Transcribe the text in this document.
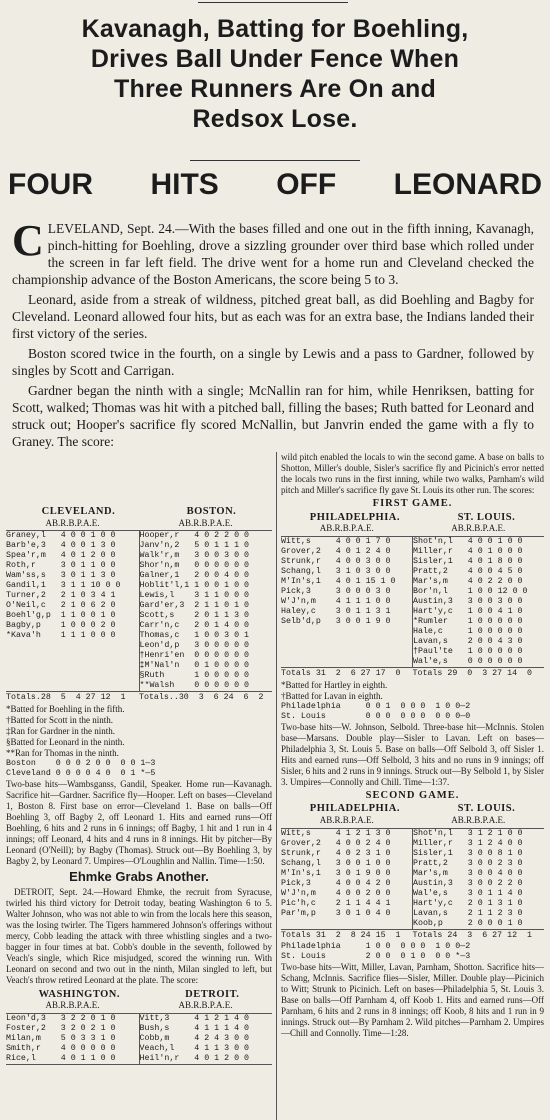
Kavanagh, Batting for Boehling,
Drives Ball Under Fence When
Three Runners Are On and
Redsox Lose.
FOUR HITS OFF LEONARD

CLEVELAND, Sept. 24.—With the bases filled and one out in the fifth inning, Kavanagh, pinch-hitting for Boehling, drove a sizzling grounder over third base which rolled under the screen in far left field. The drive went for a home run and Cleveland checked the championship advance of the Boston Americans, the score being 5 to 3.

Leonard, aside from a streak of wildness, pitched great ball, as did Boehling and Bagby for Cleveland. Leonard allowed four hits, but as each was for an extra base, the Indians landed their first victory of the series.

Boston scored twice in the fourth, on a single by Lewis and a pass to Gardner, followed by singles by Scott and Carrigan.

Gardner began the ninth with a single; McNallin ran for him, while Henriksen, batting for Scott, walked; Thomas was hit with a pitched ball, filling the bases; Ruth batted for Leonard and struck out; Hooper's sacrifice fly scored McNallin, but Janvrin ended the game with a fly to Graney. The score:

CLEVELAND.	BOSTON.
AB.R.B.P.A.E.	AB.R.B.P.A.E.
Graney,l   4 0 0 1 0 0
Barb'e,3   4 0 0 1 3 0
Spea'r,m   4 0 1 2 0 0
Roth,r     3 0 1 1 0 0
Wam'ss,s   3 0 1 1 3 0
Gandil,1   3 1 1 10 0 0
Turner,2   2 1 0 3 4 1
O'Neil,c   2 1 0 6 2 0
Boehl'g,p  1 1 0 0 1 0
Bagby,p    1 0 0 0 2 0
*Kava'h    1 1 1 0 0 0
Hooper,r   4 0 2 2 0 0
Janv'n,2   5 0 1 1 1 0
Walk'r,m   3 0 0 3 0 0
Shor'n,m   0 0 0 0 0 0
Galner,1   2 0 0 4 0 0
Hoblit'l,1 1 0 0 1 0 0
Lewis,l    3 1 1 0 0 0
Gard'er,3  2 1 1 0 1 0
Scott,s    2 0 1 1 3 0
Carr'n,c   2 0 1 4 0 0
Thomas,c   1 0 0 3 0 1
Leon'd,p   3 0 0 0 0 0
†Henri'en  0 0 0 0 0 0
‡M'Nal'n   0 1 0 0 0 0
§Ruth      1 0 0 0 0 0
**Walsh    0 0 0 0 0 0
Totals.28  5  4 27 12  1	Totals..30  3  6 24  6  2
*Batted for Boehling in the fifth.
†Batted for Scott in the ninth.
‡Ran for Gardner in the ninth.
§Batted for Leonard in the ninth.
**Ran for Thomas in the ninth.
Boston    0 0 0 2 0 0  0 0 1—3
Cleveland 0 0 0 0 4 0  0 1 *—5

Two-base hits—Wambsganss, Gandil, Speaker. Home run—Kavanagh. Sacrifice hit—Gardner. Sacrifice fly—Hooper. Left on bases—Cleveland 1, Boston 8. First base on error—Cleveland 1. Base on balls—Off Boehling 3, off Bagby 2, off Leonard 1. Hits and earned runs—Off Boehling, 6 hits and 2 runs in 6 innings; off Bagby, 1 hit and 1 run in 4 innings; off Leonard, 4 hits and 4 runs in 8 innings. Hit by pitcher—By Leonard (O'Neill); by Bagby (Thomas). Struck out—By Boehling 3, by Bagby 2, by Leonard 7. Umpires—O'Loughlin and Nallin. Time—1:50.

Ehmke Grabs Another.

DETROIT, Sept. 24.—Howard Ehmke, the recruit from Syracuse, twirled his third victory for Detroit today, beating Washington 6 to 5. Walter Johnson, who was not able to win from the locals here this season, was the losing twirler. The Tigers hammered Johnson's offerings without mercy, Cobb leading the attack with three whistling singles and a two-bagger in four times at bat. Cobb's double in the seventh, followed by Veach's single, which Rice misjudged, scored the winning run. With Leonard on second and two out in the ninth, Milan singled to left, but Veach's throw retired Leonard at the plate. The score:

WASHINGTON.	DETROIT.
AB.R.B.P.A.E.	AB.R.B.P.A.E.
Leon'd,3   3 2 2 0 1 0
Foster,2   3 2 0 2 1 0
Milan,m    5 0 3 3 1 0
Smith,r    4 0 0 0 0 0
Rice,l     4 0 1 1 0 0
Vitt,3     4 1 2 1 4 0
Bush,s     4 1 1 1 4 0
Cobb,m     4 2 4 3 0 0
Veach,l    4 1 1 3 0 0
Heil'n,r   4 0 1 2 0 0

wild pitch enabled the locals to win the second game. A base on balls to Shotton, Miller's double, Sisler's sacrifice fly and Picinich's error netted the locals two runs in the first inning, while two walks, Parnham's wild pitch and Miller's sacrifice fly gave St. Louis its other run. The scores:

FIRST GAME.
PHILADELPHIA.	ST. LOUIS.
AB.R.B.P.A.E.	AB.R.B.P.A.E.
Witt,s     4 0 0 1 7 0
Grover,2   4 0 1 2 4 0
Strunk,r   4 0 0 3 0 0
Schang,l   3 1 0 3 0 0
M'In's,1   4 0 1 15 1 0
Pick,3     3 0 0 0 3 0
W'J'n,m    4 1 1 1 0 0
Haley,c    3 0 1 1 3 1
Selb'd,p   3 0 0 1 9 0
Shot'n,l   4 0 0 1 0 0
Miller,r   4 0 1 0 0 0
Sisler,1   4 0 1 8 0 0
Pratt,2    4 0 0 4 5 0
Mar's,m    4 0 2 2 0 0
Bor'n,l    1 0 0 12 0 0
Austin,3   3 0 0 3 0 0
Hart'y,c   1 0 0 4 1 0
*Rumler    1 0 0 0 0 0
Hale,c     1 0 0 0 0 0
Lavan,s    2 0 0 4 3 0
†Paul'te   1 0 0 0 0 0
Wal'e,s    0 0 0 0 0 0
Totals 31  2  6 27 17  0	Totals 29  0  3 27 14  0
*Batted for Hartley in eighth.
†Batted for Lavan in eighth.
Philadelphia     0 0 1  0 0 0  1 0 0—2
St. Louis        0 0 0  0 0 0  0 0 0—0

Two-base hits—W. Johnson, Selbold. Three-base hit—McInnis. Stolen base—Marsans. Double play—Sisler to Lavan. Left on bases—Philadelphia 3, St. Louis 5. Base on balls—Off Selbold 3, off Sisler 1. Hits and earned runs—Off Selbold, 3 hits and no runs in 9 innings; off Sisler, 6 hits and 2 runs in 9 innings. Struck out—By Selbold 1, by Sisler 3. Umpires—Connolly and Chill. Time—1:37.

SECOND GAME.
PHILADELPHIA.	ST. LOUIS.
AB.R.B.P.A.E.	AB.R.B.P.A.E.
Witt,s     4 1 2 1 3 0
Grover,2   4 0 0 2 4 0
Strunk,r   4 0 2 3 1 0
Schang,l   3 0 0 1 0 0
M'In's,1   3 0 1 9 0 0
Pick,3     4 0 0 4 2 0
W'J'n,m    4 0 0 2 0 0
Pic'h,c    2 1 1 4 4 1
Par'm,p    3 0 1 0 4 0
Shot'n,l   3 1 2 1 0 0
Miller,r   3 1 2 4 0 0
Sisler,1   3 0 0 8 1 0
Pratt,2    3 0 0 2 3 0
Mar's,m    3 0 0 4 0 0
Austin,3   3 0 0 2 2 0
Wal'e,s    3 0 1 1 4 0
Hart'y,c   2 0 1 3 1 0
Lavan,s    2 1 1 2 3 0
Koob,p     2 0 0 0 1 0
Totals 31  2  8 24 15  1	Totals 24  3  6 27 12  1
Philadelphia     1 0 0  0 0 0  1 0 0—2
St. Louis        2 0 0  0 1 0  0 0 *—3

Two-base hits—Witt, Miller, Lavan, Parnham, Shotton. Sacrifice hits—Schang, McInnis. Sacrifice flies—Sisler, Miller. Double play—Picinich to Witt; Strunk to Picinich. Left on bases—Philadelphia 5, St. Louis 3. Base on balls—Off Parnham 4, off Koob 1. Hits and earned runs—Off Parnham, 6 hits and 2 runs in 8 innings; off Koob, 8 hits and 1 run in 9 innings. Struck out—By Parnham 2. Wild pitches—Parnham 2. Umpires—Chill and Connolly. Time—1:28.
